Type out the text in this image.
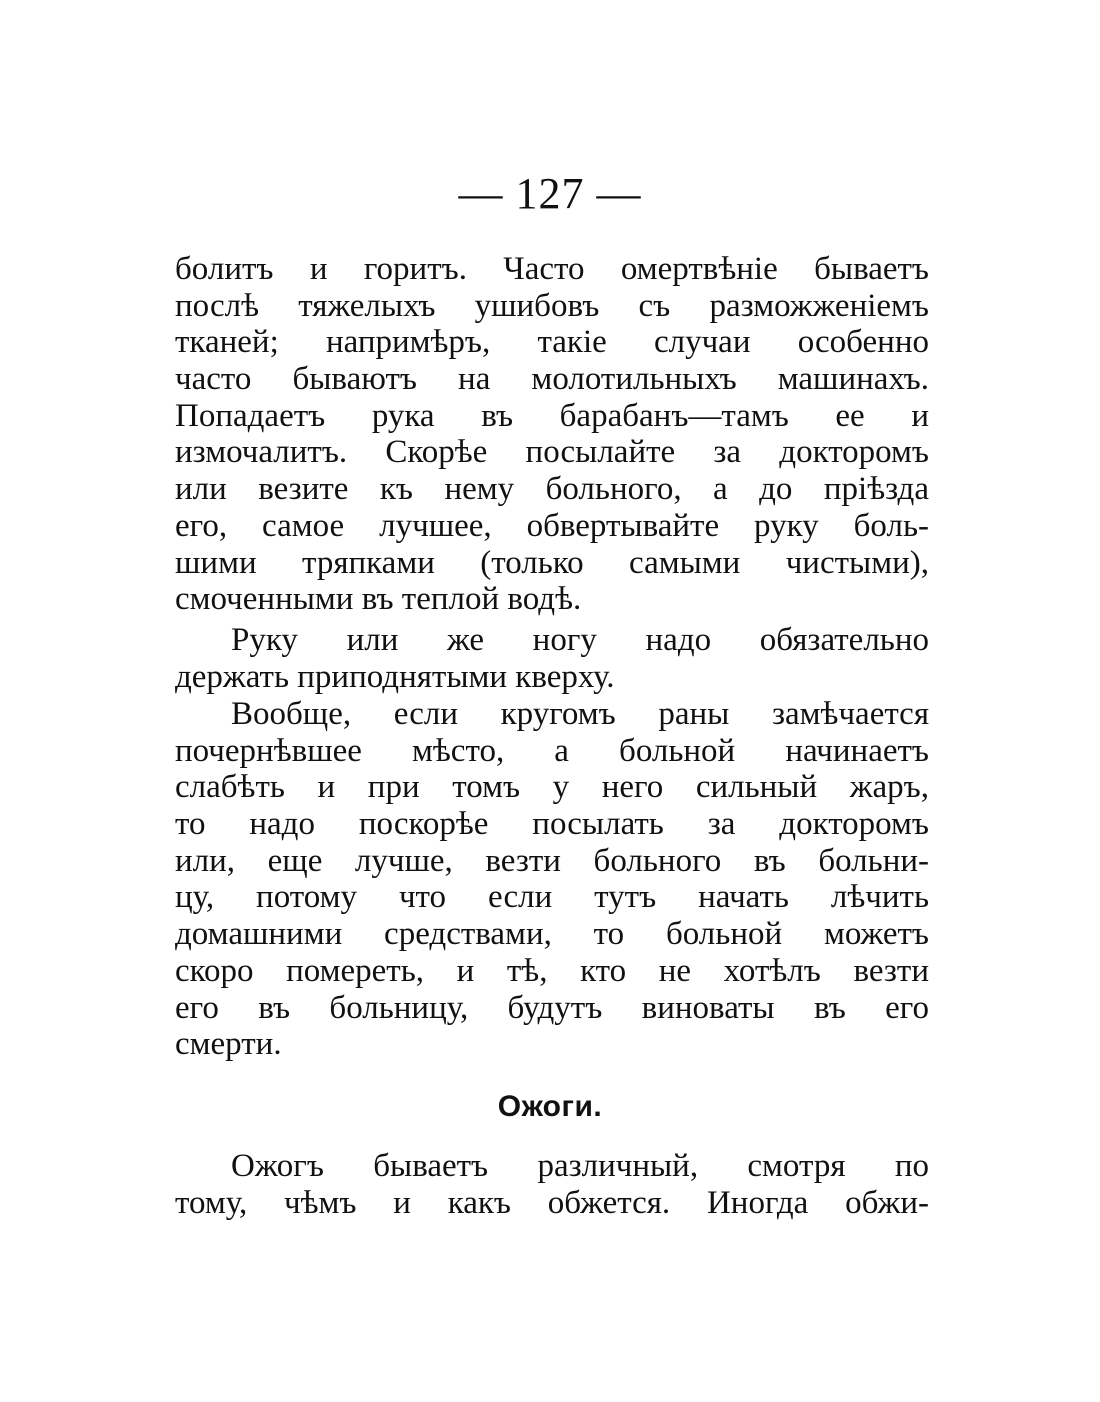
— 127 —
болитъ и горитъ. Часто омертвѣніе бываетъ
послѣ тяжелыхъ ушибовъ съ разможженіемъ
тканей; напримѣръ, такіе случаи особенно
часто бываютъ на молотильныхъ машинахъ.
Попадаетъ рука въ барабанъ—тамъ ее и
измочалитъ. Скорѣе посылайте за докторомъ
или везите къ нему больного, а до пріѣзда
его, самое лучшее, обвертывайте руку боль-
шими тряпками (только самыми чистыми),
смоченными въ теплой водѣ.
Руку или же ногу надо обязательно
держать приподнятыми кверху.
Вообще, если кругомъ раны замѣчается
почернѣвшее мѣсто, а больной начинаетъ
слабѣть и при томъ у него сильный жаръ,
то надо поскорѣе посылать за докторомъ
или, еще лучше, везти больного въ больни-
цу, потому что если тутъ начать лѣчить
домашними средствами, то больной можетъ
скоро помереть, и тѣ, кто не хотѣлъ везти
его въ больницу, будутъ виноваты въ его
смерти.
Ожоги.
Ожогъ бываетъ различный, смотря по
тому, чѣмъ и какъ обжется. Иногда обжи-
